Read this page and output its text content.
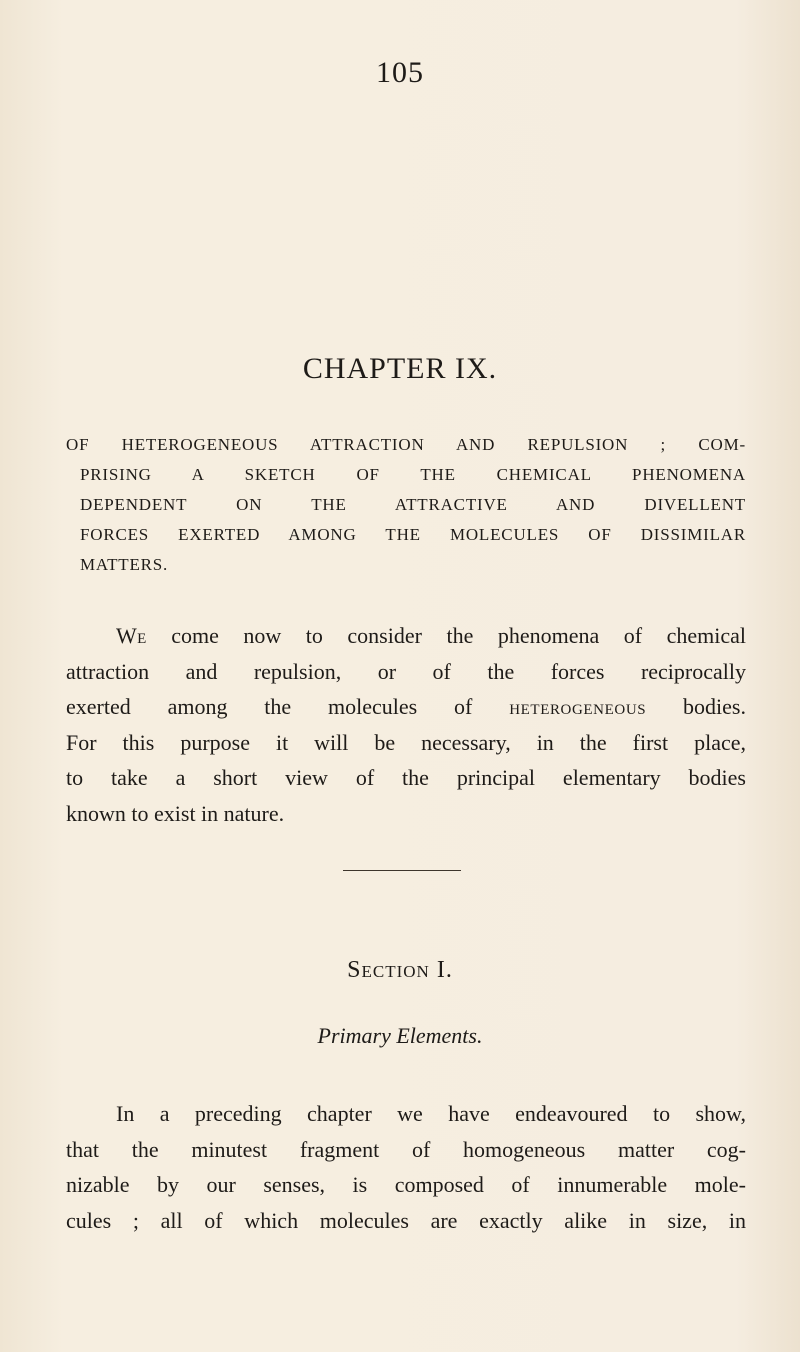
105
CHAPTER IX.
OF HETEROGENEOUS ATTRACTION AND REPULSION ; COM-
PRISING A SKETCH OF THE CHEMICAL PHENOMENA
DEPENDENT ON THE ATTRACTIVE AND DIVELLENT
FORCES EXERTED AMONG THE MOLECULES OF DISSIMILAR
MATTERS.
We come now to consider the phenomena of chemical
attraction and repulsion, or of the forces reciprocally
exerted among the molecules of heterogeneous bodies.
For this purpose it will be necessary, in the first place,
to take a short view of the principal elementary bodies
known to exist in nature.
Section I.
Primary Elements.
In a preceding chapter we have endeavoured to show,
that the minutest fragment of homogeneous matter cog-
nizable by our senses, is composed of innumerable mole-
cules ; all of which molecules are exactly alike in size, in
